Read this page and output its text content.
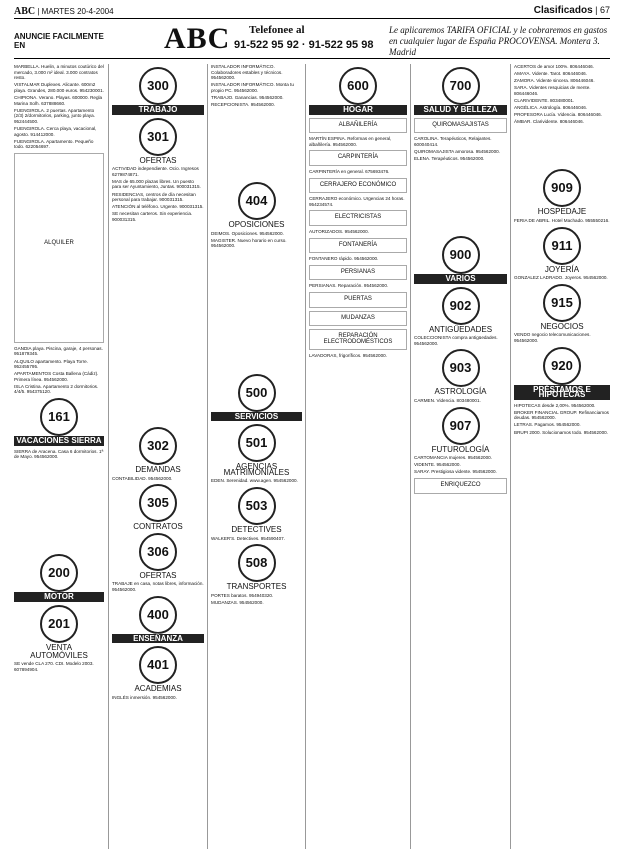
ABC | MARTES 20-4-2004	Clasificados | 67
ANUNCIE FACILMENTE EN	ABC Telefonee al
91-522 95 92 · 91-522 95 98
Le aplicaremos TARIFA OFICIAL y le cobraremos en gastos en cualquier lugar de España PROCOVENSA. Montera 3. Madrid

MARBELLA. Huelin, a minutos coutúrico del mercado, 3.000 m² ideal. 3.000 contratos resto.

VISTALMAR Duplexes. Alicante. 600m2 playa. Grandes, 280.000 euros. 954230001.

CHIPIONA. Verano. Playas. 600000. Regla Marina Solh. 637888660.

FUENGIROLA. 2 puertas. Apartamento (2/3) 2/dormitorios, parking, junto playa. 952444500.

FUENGIROLA. Cerca playa, vacacional, agosto. 914412000.

FUENGIROLA. Apartamento. Pequeño todo. 622054697.

ALQUILER

GANDIA playa. Piscina, garaje, 4 personas. 951879345.

ALQUILO apartamento. Playa Torre. 952455795.

APARTAMENTOS Costa Ballena (Cádiz). Primera línea. 954562000.

ISLA Cristina. Apartamento 2 dormitorios. 4/4/5. 954375120.

161
VACACIONES SIERRA

SIERRA de Aracena. Casa 6 dormitorios. 1ª de Mayo. 954562000.

200
MOTOR
201
VENTA
AUTOMÓVILES

SE vende CLA 270. CDI. Modelo 2003. 607894904.

300
TRABAJO
301
OFERTAS

ACTIVIDAD independiente. Ocio. Ingresos 6279874871.

MAS de 65.000 plazas libres. Un puesto para ser Ayuntamiento, Juntas. 900031315.

RESIDENCIAS, centros de día necesitan personal para trabajar. 900031315.

ATENCIÓN al teléfono. Urgente. 900031315.

SE necesitan carteros. Sin experiencia. 900031315.

302
DEMANDAS

CONTABILIDAD. 954562000.

305
CONTRATOS
306
OFERTAS

TRABAJE en casa, notas libres, información. 954562000.

400
ENSEÑANZA
401
ACADEMIAS

INGLÉS inmersión. 954562000.

INSTALADOR INFORMÁTICO. Colaboradores estables y técnicos. 954562000.

INSTALADOR INFORMÁTICO. Monta tu propio PC. 954562000.

TRABAJO. Ganancias. 954562000.

RECEPCIONISTA. 954562000.

404
OPOSICIONES

DEIMOS. Oposiciones. 954562000.

MAGISTER. Nuevo horario en curso. 954562000.

500
SERVICIOS
501
AGENCIAS MATRIMONIALES

EDEN. Serenidad. www.agen. 954562000.

503
DETECTIVES

WALKER'S. Detectives. 954590407.

508
TRANSPORTES

PORTES baratos. 954940320.

MUDANZAS. 954562000.

600
HOGAR
ALBAÑILERÍA

MARTÍN ESPINA. Reformas en general, albañilería. 954562000.

CARPINTERÍA

CARPINTERÍA en general. 675693476.

CERRAJERO ECONÓMICO

CERRAJERO económico. Urgencias 24 horas. 954234574.

ELECTRICISTAS

AUTORIZADOS. 954562000.

FONTANERÍA

FONTANERO rápido. 954562000.

PERSIANAS

PERSIANAS. Reparación. 954562000.

PUERTAS
MUDANZAS
REPARACIÓN ELECTRODOMÉSTICOS

LAVADORAS, frigoríficos. 954562000.

700
SALUD Y BELLEZA
QUIROMASAJISTAS

CAROLINA. Terapéuticos, Relajantes. 600040414.

QUIROMASAJISTA amorosa. 954562000.

ELENA. Terapéuticos. 954562000.

900
VARIOS
902
ANTIGÜEDADES

COLECCIONISTA compra antigüedades. 954562000.

903
ASTROLOGÍA

CARMEN. Videncia. 803480001.

907
FUTUROLOGÍA

CARTOMANCIA mujeres. 954562000.

VIDENTE. 954562000.

SARAY. Prestigiosa vidente. 954562000.

ENRIQUEZCO

ACERTOS de amor 100%. 806446046.

AMAYA. Vidente. Tarot. 806446046.

ZAMORA. Vidente sincera. 806446046.

SARA. Videntes resquicias de mente. 806446046.

CLARIVIDENTE. 803480001.

ANGÉLICA. Astrología. 806446046.

PROFESORA Lucía. Videncia. 806446046.

ÁMBAR. Clarividente. 806446046.

909
HOSPEDAJE

FERIA DE ABRIL. Hotel Machado. 955550216.

911
JOYERÍA

GONZALEZ LADRADO. Joyeros. 954562000.

915
NEGOCIOS

VENDO negocio telecomunicaciones. 954562000.

920
PRÉSTAMOS E HIPOTECAS

HIPOTECAS desde 2,00%. 954562000.

BROKER FINANCIAL GROUP. Refinanciamos deudas. 954562000.

LETRAS. Pagamos. 954562000.

BRUPI 2000. Solucionamos todo. 954562000.
